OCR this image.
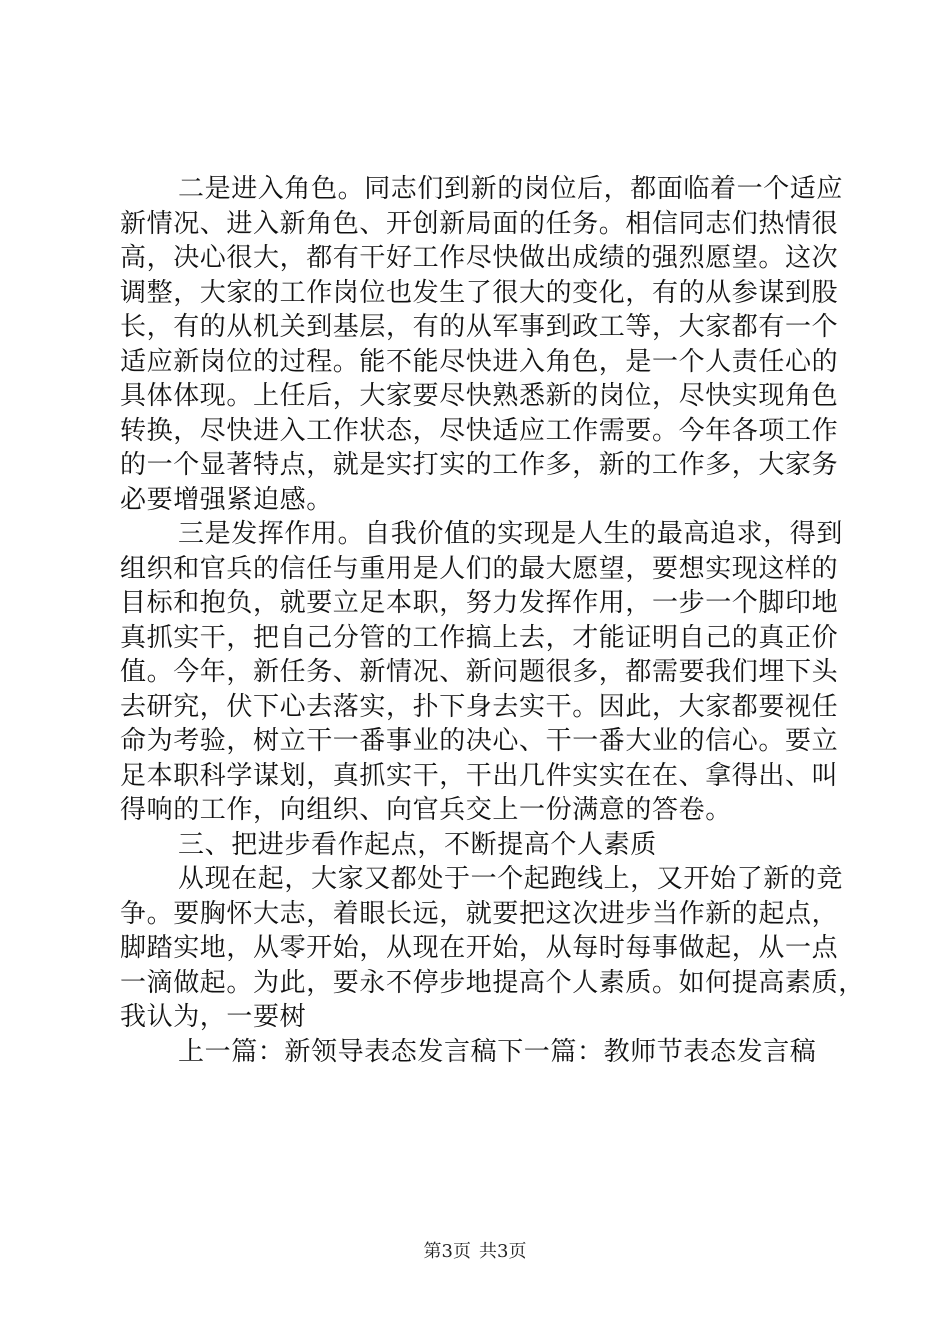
二是进入角色。同志们到新的岗位后，都面临着一个适应
新情况、进入新角色、开创新局面的任务。相信同志们热情很
高，决心很大，都有干好工作尽快做出成绩的强烈愿望。这次
调整，大家的工作岗位也发生了很大的变化，有的从参谋到股
长，有的从机关到基层，有的从军事到政工等，大家都有一个
适应新岗位的过程。能不能尽快进入角色，是一个人责任心的
具体体现。上任后，大家要尽快熟悉新的岗位，尽快实现角色
转换，尽快进入工作状态，尽快适应工作需要。今年各项工作
的一个显著特点，就是实打实的工作多，新的工作多，大家务
必要增强紧迫感。
三是发挥作用。自我价值的实现是人生的最高追求，得到
组织和官兵的信任与重用是人们的最大愿望，要想实现这样的
目标和抱负，就要立足本职，努力发挥作用，一步一个脚印地
真抓实干，把自己分管的工作搞上去，才能证明自己的真正价
值。今年，新任务、新情况、新问题很多，都需要我们埋下头
去研究，伏下心去落实，扑下身去实干。因此，大家都要视任
命为考验，树立干一番事业的决心、干一番大业的信心。要立
足本职科学谋划，真抓实干，干出几件实实在在、拿得出、叫
得响的工作，向组织、向官兵交上一份满意的答卷。
三、把进步看作起点，不断提高个人素质
从现在起，大家又都处于一个起跑线上，又开始了新的竞
争。要胸怀大志，着眼长远，就要把这次进步当作新的起点，
脚踏实地，从零开始，从现在开始，从每时每事做起，从一点
一滴做起。为此，要永不停步地提高个人素质。如何提高素质，
我认为，一要树
上一篇：新领导表态发言稿下一篇：教师节表态发言稿
第3页 共3页
